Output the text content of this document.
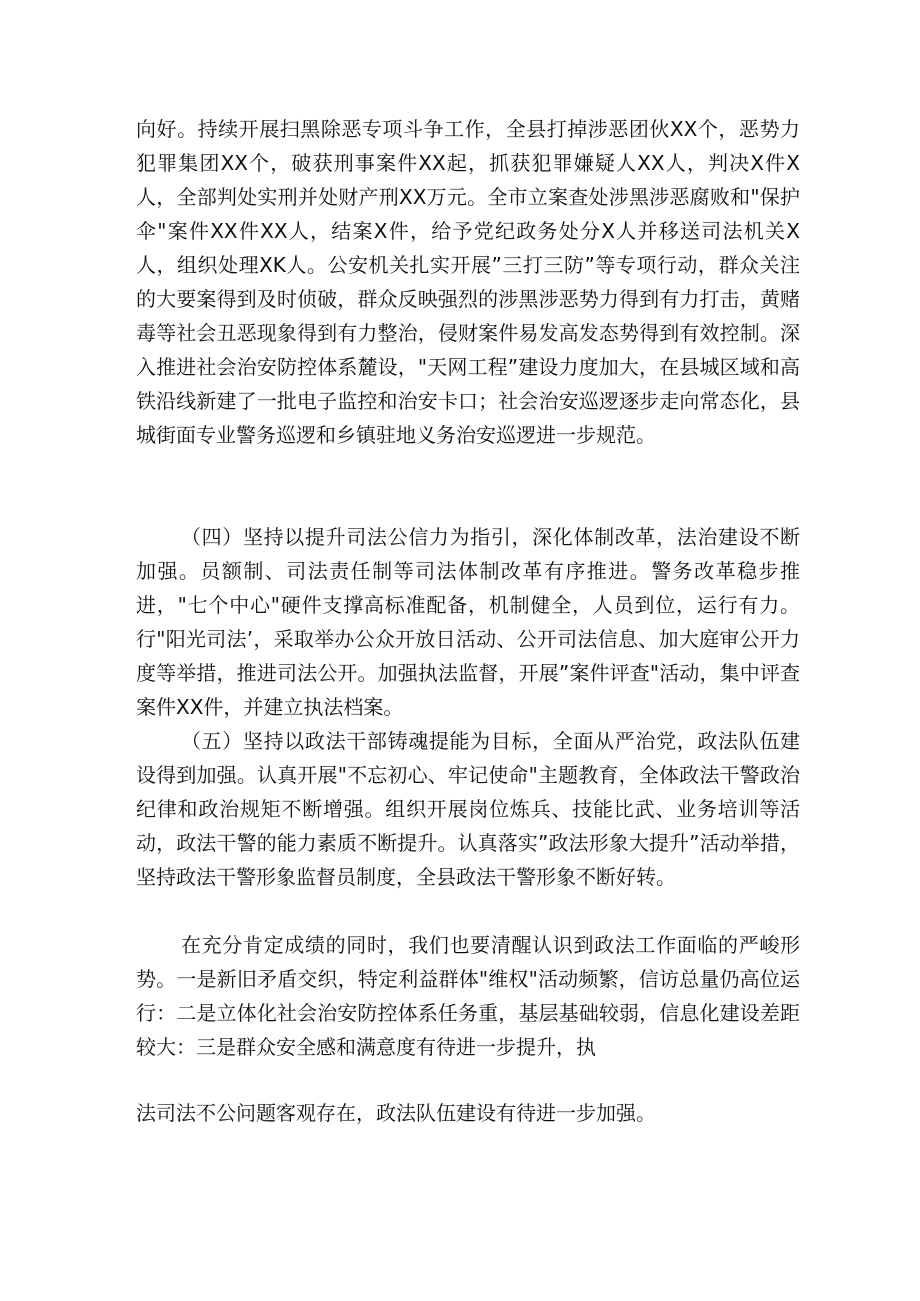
向好。持续开展扫黑除恶专项斗争工作，全县打掉涉恶团伙XX个，恶势力犯罪集团XX个，破获刑事案件XX起，抓获犯罪嫌疑人XX人，判决X件X人，全部判处实刑并处财产刑XX万元。全市立案查处涉黑涉恶腐败和"保护伞"案件XX件XX人，结案X件，给予党纪政务处分X人并移送司法机关X人，组织处理XK人。公安机关扎实开展”三打三防”等专项行动，群众关注的大要案得到及时侦破，群众反映强烈的涉黑涉恶势力得到有力打击，黄赌毒等社会丑恶现象得到有力整治，侵财案件易发高发态势得到有效控制。深入推进社会治安防控体系麓设，"天网工程”建设力度加大，在县城区域和高铁沿线新建了一批电子监控和治安卡口；社会治安巡逻逐步走向常态化，县城街面专业警务巡逻和乡镇驻地义务治安巡逻进一步规范。

（四）坚持以提升司法公信力为指引，深化体制改革，法治建设不断加强。员额制、司法责任制等司法体制改革有序推进。警务改革稳步推进，"七个中心"硬件支撑高标准配备，机制健全，人员到位，运行有力。行"阳光司法’，采取举办公众开放日活动、公开司法信息、加大庭审公开力度等举措，推进司法公开。加强执法监督，开展”案件评查"活动，集中评查案件XX件，并建立执法档案。

（五）坚持以政法干部铸魂提能为目标，全面从严治党，政法队伍建设得到加强。认真开展"不忘初心、牢记使命"主题教育，全体政法干警政治纪律和政治规矩不断增强。组织开展岗位炼兵、技能比武、业务培训等活动，政法干警的能力素质不断提升。认真落实”政法形象大提升”活动举措，坚持政法干警形象监督员制度，全县政法干警形象不断好转。

在充分肯定成绩的同时，我们也要清醒认识到政法工作面临的严峻形势。一是新旧矛盾交织，特定利益群体"维权"活动频繁，信访总量仍高位运行：二是立体化社会治安防控体系任务重，基层基础较弱，信息化建设差距较大：三是群众安全感和满意度有待进一步提升，执

法司法不公问题客观存在，政法队伍建设有待进一步加强。
